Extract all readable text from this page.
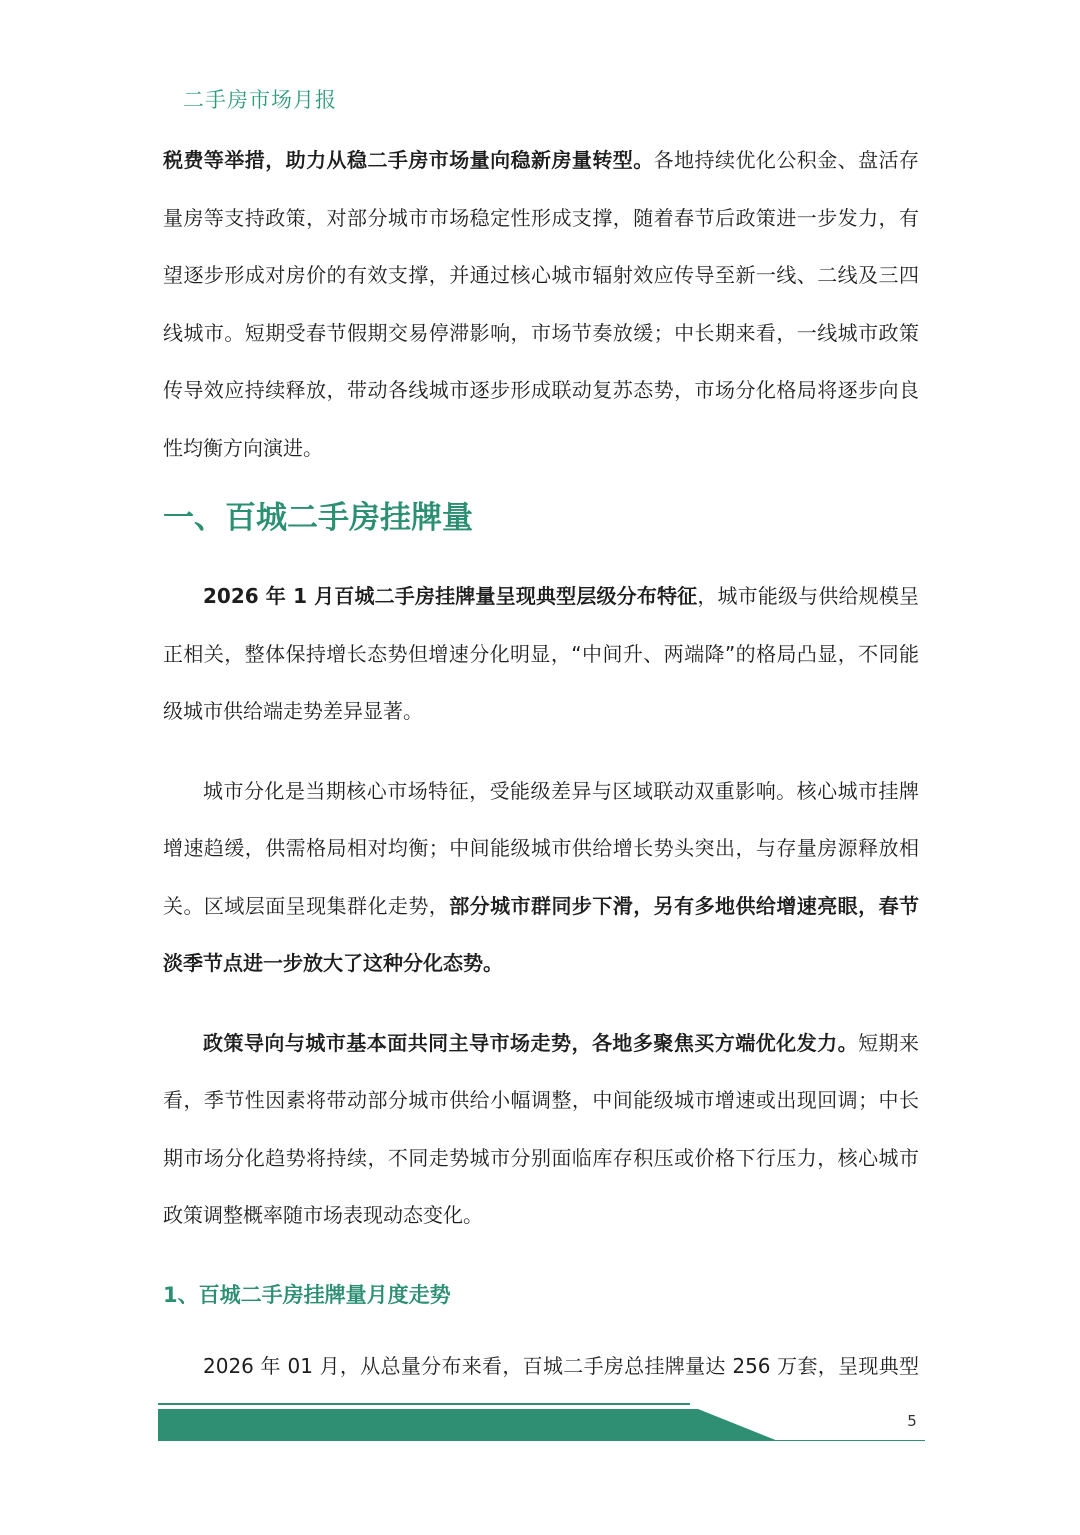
二手房市场月报

税费等举措，助力从稳二手房市场量向稳新房量转型。各地持续优化公积金、盘活存量房等支持政策，对部分城市市场稳定性形成支撑，随着春节后政策进一步发力，有望逐步形成对房价的有效支撑，并通过核心城市辐射效应传导至新一线、二线及三四线城市。短期受春节假期交易停滞影响，市场节奏放缓；中长期来看，一线城市政策传导效应持续释放，带动各线城市逐步形成联动复苏态势，市场分化格局将逐步向良性均衡方向演进。

一、百城二手房挂牌量

2026 年 1 月百城二手房挂牌量呈现典型层级分布特征，城市能级与供给规模呈正相关，整体保持增长态势但增速分化明显，“中间升、两端降”的格局凸显，不同能级城市供给端走势差异显著。

城市分化是当期核心市场特征，受能级差异与区域联动双重影响。核心城市挂牌增速趋缓，供需格局相对均衡；中间能级城市供给增长势头突出，与存量房源释放相关。区域层面呈现集群化走势，部分城市群同步下滑，另有多地供给增速亮眼，春节淡季节点进一步放大了这种分化态势。

政策导向与城市基本面共同主导市场走势，各地多聚焦买方端优化发力。短期来看，季节性因素将带动部分城市供给小幅调整，中间能级城市增速或出现回调；中长期市场分化趋势将持续，不同走势城市分别面临库存积压或价格下行压力，核心城市政策调整概率随市场表现动态变化。

1、百城二手房挂牌量月度走势

2026 年 01 月，从总量分布来看，百城二手房总挂牌量达 256 万套，呈现典型

5
